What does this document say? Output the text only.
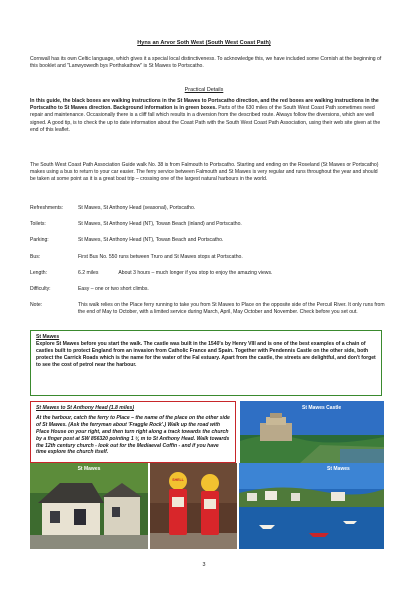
Hyns an Arvor Soth West (South West Coast Path)
Cornwall has its own Celtic language, which gives it a special local distinctiveness. To acknowledge this, we have included some Cornish at the beginning of this booklet and "Lanwyowedh bys Porthskathow" is St Mawes to Portscatho.
Practical Details
In this guide, the black boxes are walking instructions in the St Mawes to Portscatho direction, and the red boxes are walking instructions in the Portscatho to St Mawes direction. Background information is in green boxes. Parts of the 630 miles of the South West Coast Path sometimes need repair and maintenance. Occasionally there is a cliff fall which results in a diversion from the described route. Always follow the diversions, which are well signed. A good tip, is to check the up to date information about the Coast Path with the South West Coast Path Association, using their web site given at the end of this leaflet.
The South West Coast Path Association Guide walk No. 38 is from Falmouth to Portscatho. Starting and ending on the Roseland (St Mawes or Portscatho) makes using a bus to return to your car easier. The ferry service between Falmouth and St Mawes is very regular and runs throughout the year and should be taken at some point as it is a great boat trip – crossing one of the largest natural harbours in the world.
Refreshments:	St Mawes, St Anthony Head (seasonal), Portscatho.
Toilets:	St Mawes, St Anthony Head (NT), Towan Beach (inland) and Portscatho.
Parking:	St Mawes, St Anthony Head (NT), Towan Beach and Portscatho.
Bus:	First Bus No. 550 runs between Truro and St Mawes stops at Portscatho.
Length:	6.2 miles	About 3 hours – much longer if you stop to enjoy the amazing views.
Difficulty:	Easy – one or two short climbs.
Note:	This walk relies on the Place ferry running to take you from St Mawes to Place on the opposite side of the Percuil River. It only runs from the end of May to October, with a limited service during March, April, May October and November. Check before you set out.
St Mawes
Explore St Mawes before you start the walk. The castle was built in the 1540's by Henry VIII and is one of the best examples of a chain of castles built to protect England from an invasion from Catholic France and Spain. Together with Pendennis Castle on the other side, both protect the Carrick Roads which is the name for the water of the Fal estuary. Apart from the castle, the streets are delightful, and don't forget to see the cost of petrol near the harbour.
St Mawes to St Anthony Head (1.8 miles)
At the harbour, catch the ferry to Place – the name of the place on the other side of St Mawes. (Ask the ferryman about 'Fraggle Rock'.) Walk up the road with Place House on your right, and then turn right along a track towards the church by a finger post at SW 856320 pointing 1 ¾ m to St Anthony Head. Walk towards the 12th century church - look out for the Mediaeval Coffin - and if you have time explore the church itself.
St Mawes Castle
St Mawes
SHELL
St Mawes
3
